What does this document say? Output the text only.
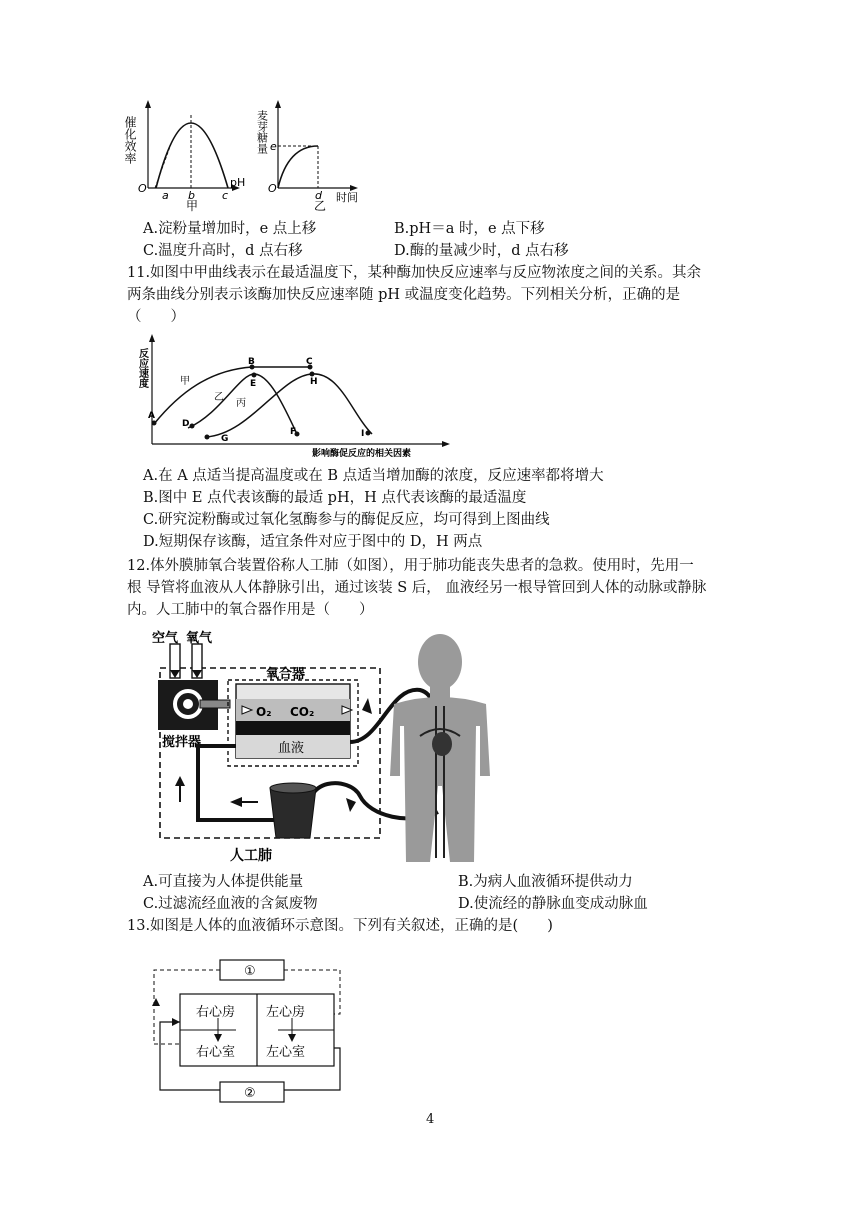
催化效率
O
a b c
pH
甲
麦芽糖量 e
O
d 时间
乙
A.淀粉量增加时，e 点上移	B.pH＝a 时，e 点下移
C.温度升高时，d 点右移	D.酶的量减少时，d 点右移
11.如图中甲曲线表示在最适温度下，某种酶加快反应速率与反应物浓度之间的关系。其余
两条曲线分别表示该酶加快反应速率随 pH 或温度变化趋势。下列相关分析，正确的是
（　　）
反应速度
A
B	C
D
E
F
G
H
I
甲
乙
丙
影响酶促反应的相关因素
A.在 A 点适当提高温度或在 B 点适当增加酶的浓度，反应速率都将增大
B.图中 E 点代表该酶的最适 pH，H 点代表该酶的最适温度
C.研究淀粉酶或过氧化氢酶参与的酶促反应，均可得到上图曲线
D.短期保存该酶，适宜条件对应于图中的 D，H 两点
12.体外膜肺氧合装置俗称人工肺（如图），用于肺功能丧失患者的急救。使用时，先用一
根 导管将血液从人体静脉引出，通过该装 S 后， 血液经另一根导管回到人体的动脉或静脉
内。人工肺中的氧合器作用是（　　）
空气 氧气
搅拌器
氧合器
O₂ CO₂
血液
人工肺
A.可直接为人体提供能量	B.为病人血液循环提供动力
C.过滤流经血液的含氮废物	D.使流经的静脉血变成动脉血
13.如图是人体的血液循环示意图。下列有关叙述，正确的是(　　)
①
右心房 左心房
右心室 左心室
②
4
